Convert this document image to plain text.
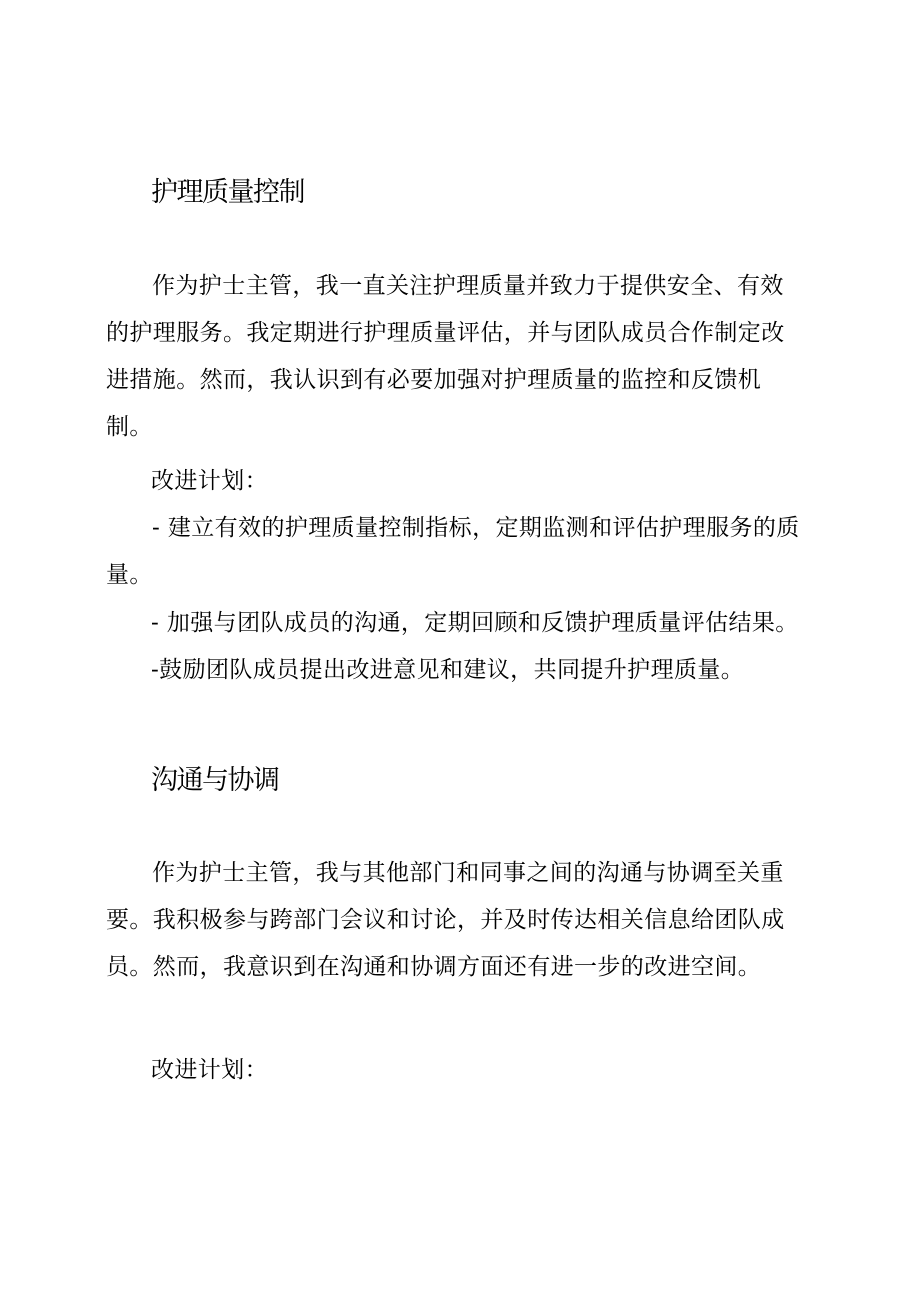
护理质量控制

作为护士主管，我一直关注护理质量并致力于提供安全、有效的护理服务。我定期进行护理质量评估，并与团队成员合作制定改进措施。然而，我认识到有必要加强对护理质量的监控和反馈机制。

改进计划：

- 建立有效的护理质量控制指标，定期监测和评估护理服务的质量。

- 加强与团队成员的沟通，定期回顾和反馈护理质量评估结果。

-鼓励团队成员提出改进意见和建议，共同提升护理质量。

沟通与协调

作为护士主管，我与其他部门和同事之间的沟通与协调至关重要。我积极参与跨部门会议和讨论，并及时传达相关信息给团队成员。然而，我意识到在沟通和协调方面还有进一步的改进空间。

改进计划：
